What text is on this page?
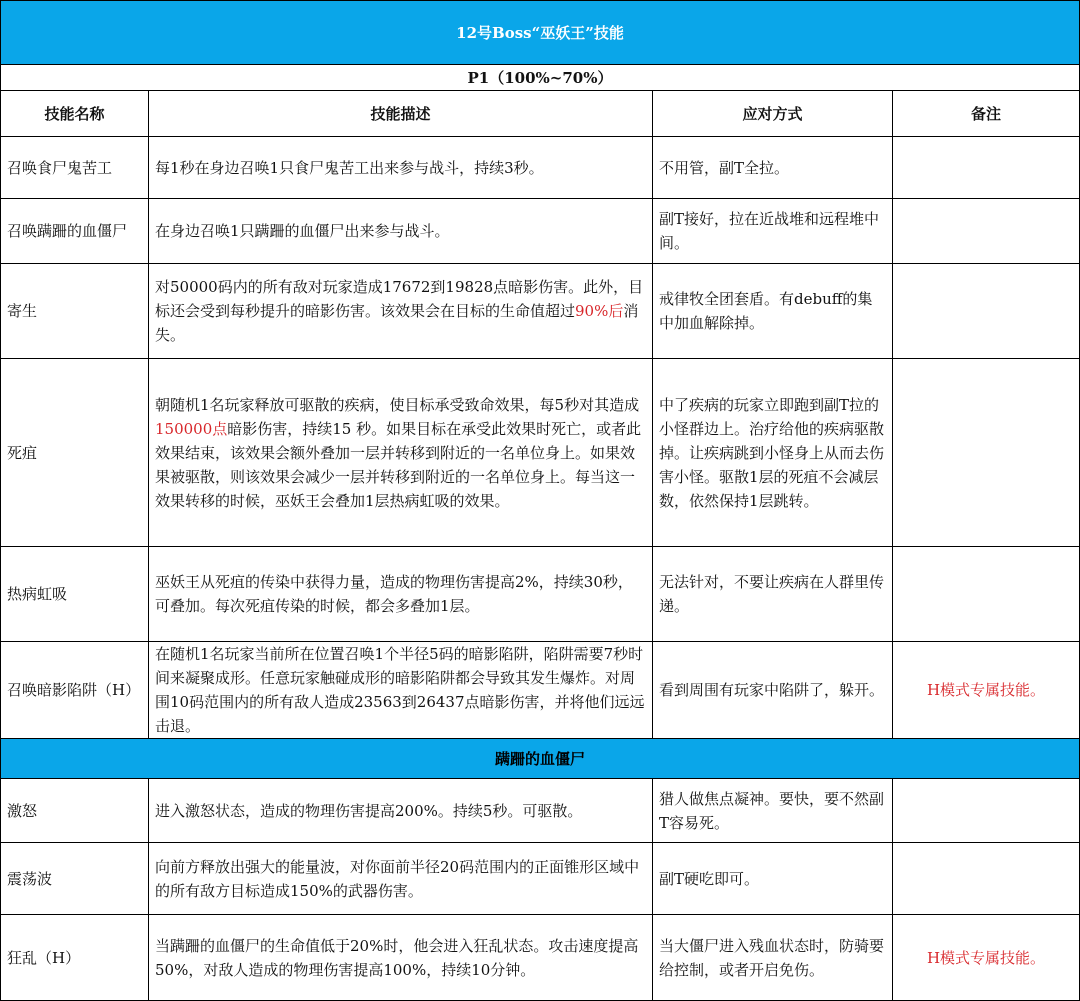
12号Boss“巫妖王”技能			
P1（100%~70%）			
技能名称	技能描述	应对方式	备注
召唤食尸鬼苦工	每1秒在身边召唤1只食尸鬼苦工出来参与战斗，持续3秒。	不用管，副T全拉。	
召唤蹒跚的血僵尸	在身边召唤1只蹒跚的血僵尸出来参与战斗。	副T接好，拉在近战堆和远程堆中间。	
寄生	对50000码内的所有敌对玩家造成17672到19828点暗影伤害。此外，目标还会受到每秒提升的暗影伤害。该效果会在目标的生命值超过90%后消失。	戒律牧全团套盾。有debuff的集中加血解除掉。	
死疽	朝随机1名玩家释放可驱散的疾病，使目标承受致命效果，每5秒对其造成150000点暗影伤害，持续15 秒。如果目标在承受此效果时死亡，或者此效果结束，该效果会额外叠加一层并转移到附近的一名单位身上。如果效果被驱散，则该效果会减少一层并转移到附近的一名单位身上。每当这一效果转移的时候，巫妖王会叠加1层热病虹吸的效果。	中了疾病的玩家立即跑到副T拉的小怪群边上。治疗给他的疾病驱散掉。让疾病跳到小怪身上从而去伤害小怪。驱散1层的死疽不会减层数，依然保持1层跳转。	
热病虹吸	巫妖王从死疽的传染中获得力量，造成的物理伤害提高2%，持续30秒，可叠加。每次死疽传染的时候，都会多叠加1层。	无法针对，不要让疾病在人群里传递。	
召唤暗影陷阱（H）	在随机1名玩家当前所在位置召唤1个半径5码的暗影陷阱，陷阱需要7秒时间来凝聚成形。任意玩家触碰成形的暗影陷阱都会导致其发生爆炸。对周围10码范围内的所有敌人造成23563到26437点暗影伤害，并将他们远远击退。	看到周围有玩家中陷阱了，躲开。	H模式专属技能。
蹒跚的血僵尸			
激怒	进入激怒状态，造成的物理伤害提高200%。持续5秒。可驱散。	猎人做焦点凝神。要快，要不然副T容易死。	
震荡波	向前方释放出强大的能量波，对你面前半径20码范围内的正面锥形区域中的所有敌方目标造成150%的武器伤害。	副T硬吃即可。	
狂乱（H）	当蹒跚的血僵尸的生命值低于20%时，他会进入狂乱状态。攻击速度提高50%，对敌人造成的物理伤害提高100%，持续10分钟。	当大僵尸进入残血状态时，防骑要给控制，或者开启免伤。	H模式专属技能。
